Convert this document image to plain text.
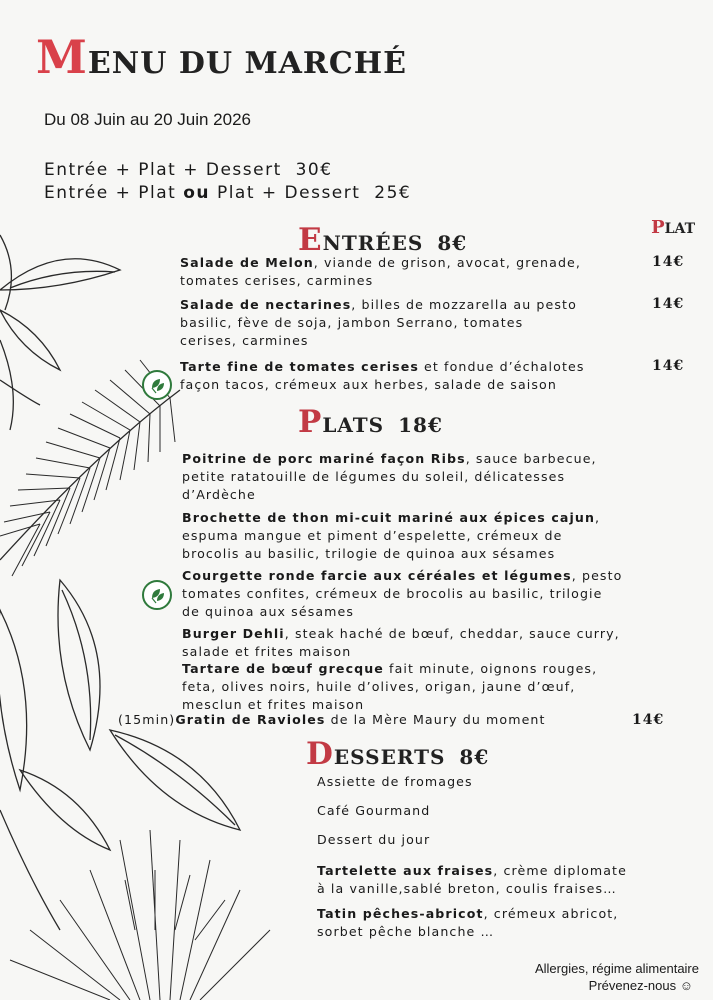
MENU DU MARCHÉ
Du 08 Juin au 20 Juin 2026
Entrée + Plat + Dessert 30€
Entrée + Plat ou Plat + Dessert 25€
PLAT
ENTRÉES 8€
Salade de Melon, viande de grison, avocat, grenade,
tomates cerises, carmines
14€
Salade de nectarines, billes de mozzarella au pesto
basilic, fève de soja, jambon Serrano, tomates
cerises, carmines
14€
Tarte fine de tomates cerises et fondue d’échalotes
façon tacos, crémeux aux herbes, salade de saison
14€
PLATS 18€
Poitrine de porc mariné façon Ribs, sauce barbecue,
petite ratatouille de légumes du soleil, délicatesses
d’Ardèche
Brochette de thon mi-cuit mariné aux épices cajun,
espuma mangue et piment d’espelette, crémeux de
brocolis au basilic, trilogie de quinoa aux sésames
Courgette ronde farcie aux céréales et légumes, pesto
tomates confites, crémeux de brocolis au basilic, trilogie
de quinoa aux sésames
Burger Dehli, steak haché de bœuf, cheddar, sauce curry,
salade et frites maison
Tartare de bœuf grecque fait minute, oignons rouges,
feta, olives noirs, huile d’olives, origan, jaune d’œuf,
mesclun et frites maison
(15min)Gratin de Ravioles de la Mère Maury du moment	14€
DESSERTS 8€
Assiette de fromages
Café Gourmand
Dessert du jour
Tartelette aux fraises, crème diplomate
à la vanille,sablé breton, coulis fraises…
Tatin pêches-abricot, crémeux abricot,
sorbet pêche blanche …
Allergies, régime alimentaire
Prévenez-nous ☺
